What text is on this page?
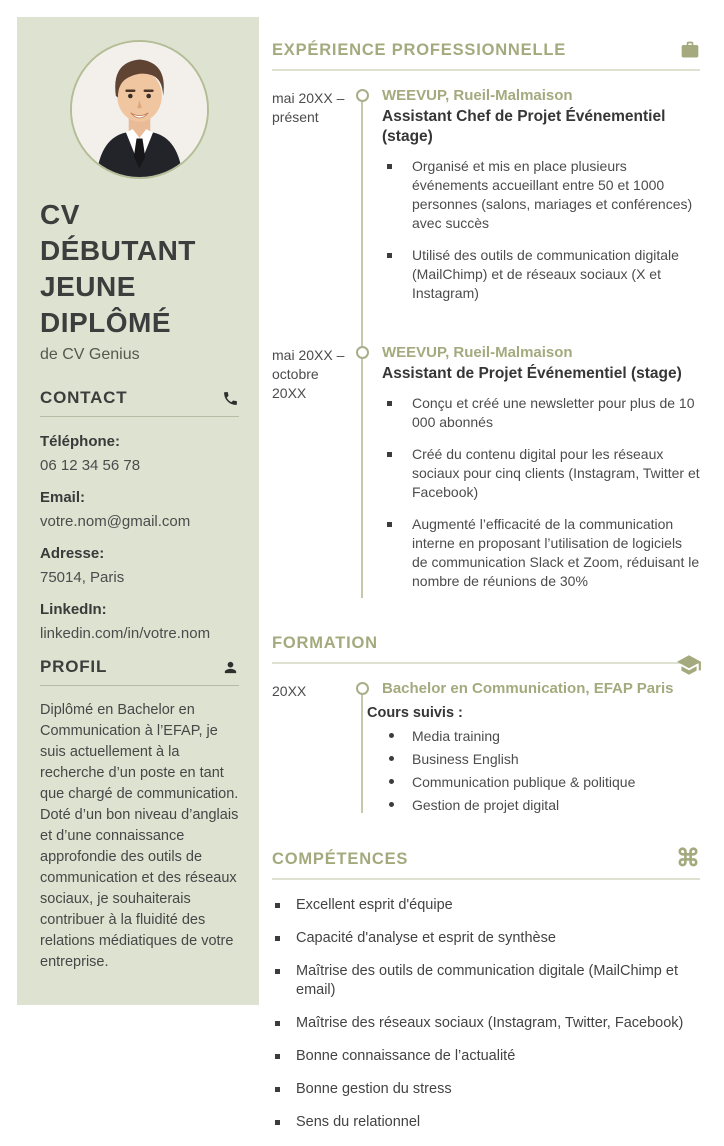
CV
DÉBUTANT
JEUNE
DIPLÔMÉ
de CV Genius
CONTACT
Téléphone:
06 12 34 56 78
Email:
votre.nom@gmail.com
Adresse:
75014, Paris
LinkedIn:
linkedin.com/in/votre.nom
PROFIL

Diplômé en Bachelor en Communication à l’EFAP, je suis actuellement à la recherche d’un poste en tant que chargé de communication. Doté d’un bon niveau d’anglais et d’une connaissance approfondie des outils de communication et des réseaux sociaux, je souhaiterais contribuer à la fluidité des relations médiatiques de votre entreprise.

EXPÉRIENCE PROFESSIONNELLE
mai 20XX –
présent
WEEVUP, Rueil-Malmaison
Assistant Chef de Projet Événementiel (stage)
Organisé et mis en place plusieurs événements accueillant entre 50 et 1000 personnes (salons, mariages et conférences) avec succès
Utilisé des outils de communication digitale (MailChimp) et de réseaux sociaux (X et Instagram)
mai 20XX –
octobre 20XX
WEEVUP, Rueil-Malmaison
Assistant de Projet Événementiel (stage)
Conçu et créé une newsletter pour plus de 10 000 abonnés
Créé du contenu digital pour les réseaux sociaux pour cinq clients (Instagram, Twitter et Facebook)
Augmenté l’efficacité de la communication interne en proposant l’utilisation de logiciels de communication Slack et Zoom, réduisant le nombre de réunions de 30%
FORMATION
20XX	Bachelor en Communication, EFAP Paris
Cours suivis :
Media training
Business English
Communication publique & politique
Gestion de projet digital
COMPÉTENCES	⌘
Excellent esprit d'équipe
Capacité d'analyse et esprit de synthèse
Maîtrise des outils de communication digitale (MailChimp et email)
Maîtrise des réseaux sociaux (Instagram, Twitter, Facebook)
Bonne connaissance de l’actualité
Bonne gestion du stress
Sens du relationnel
